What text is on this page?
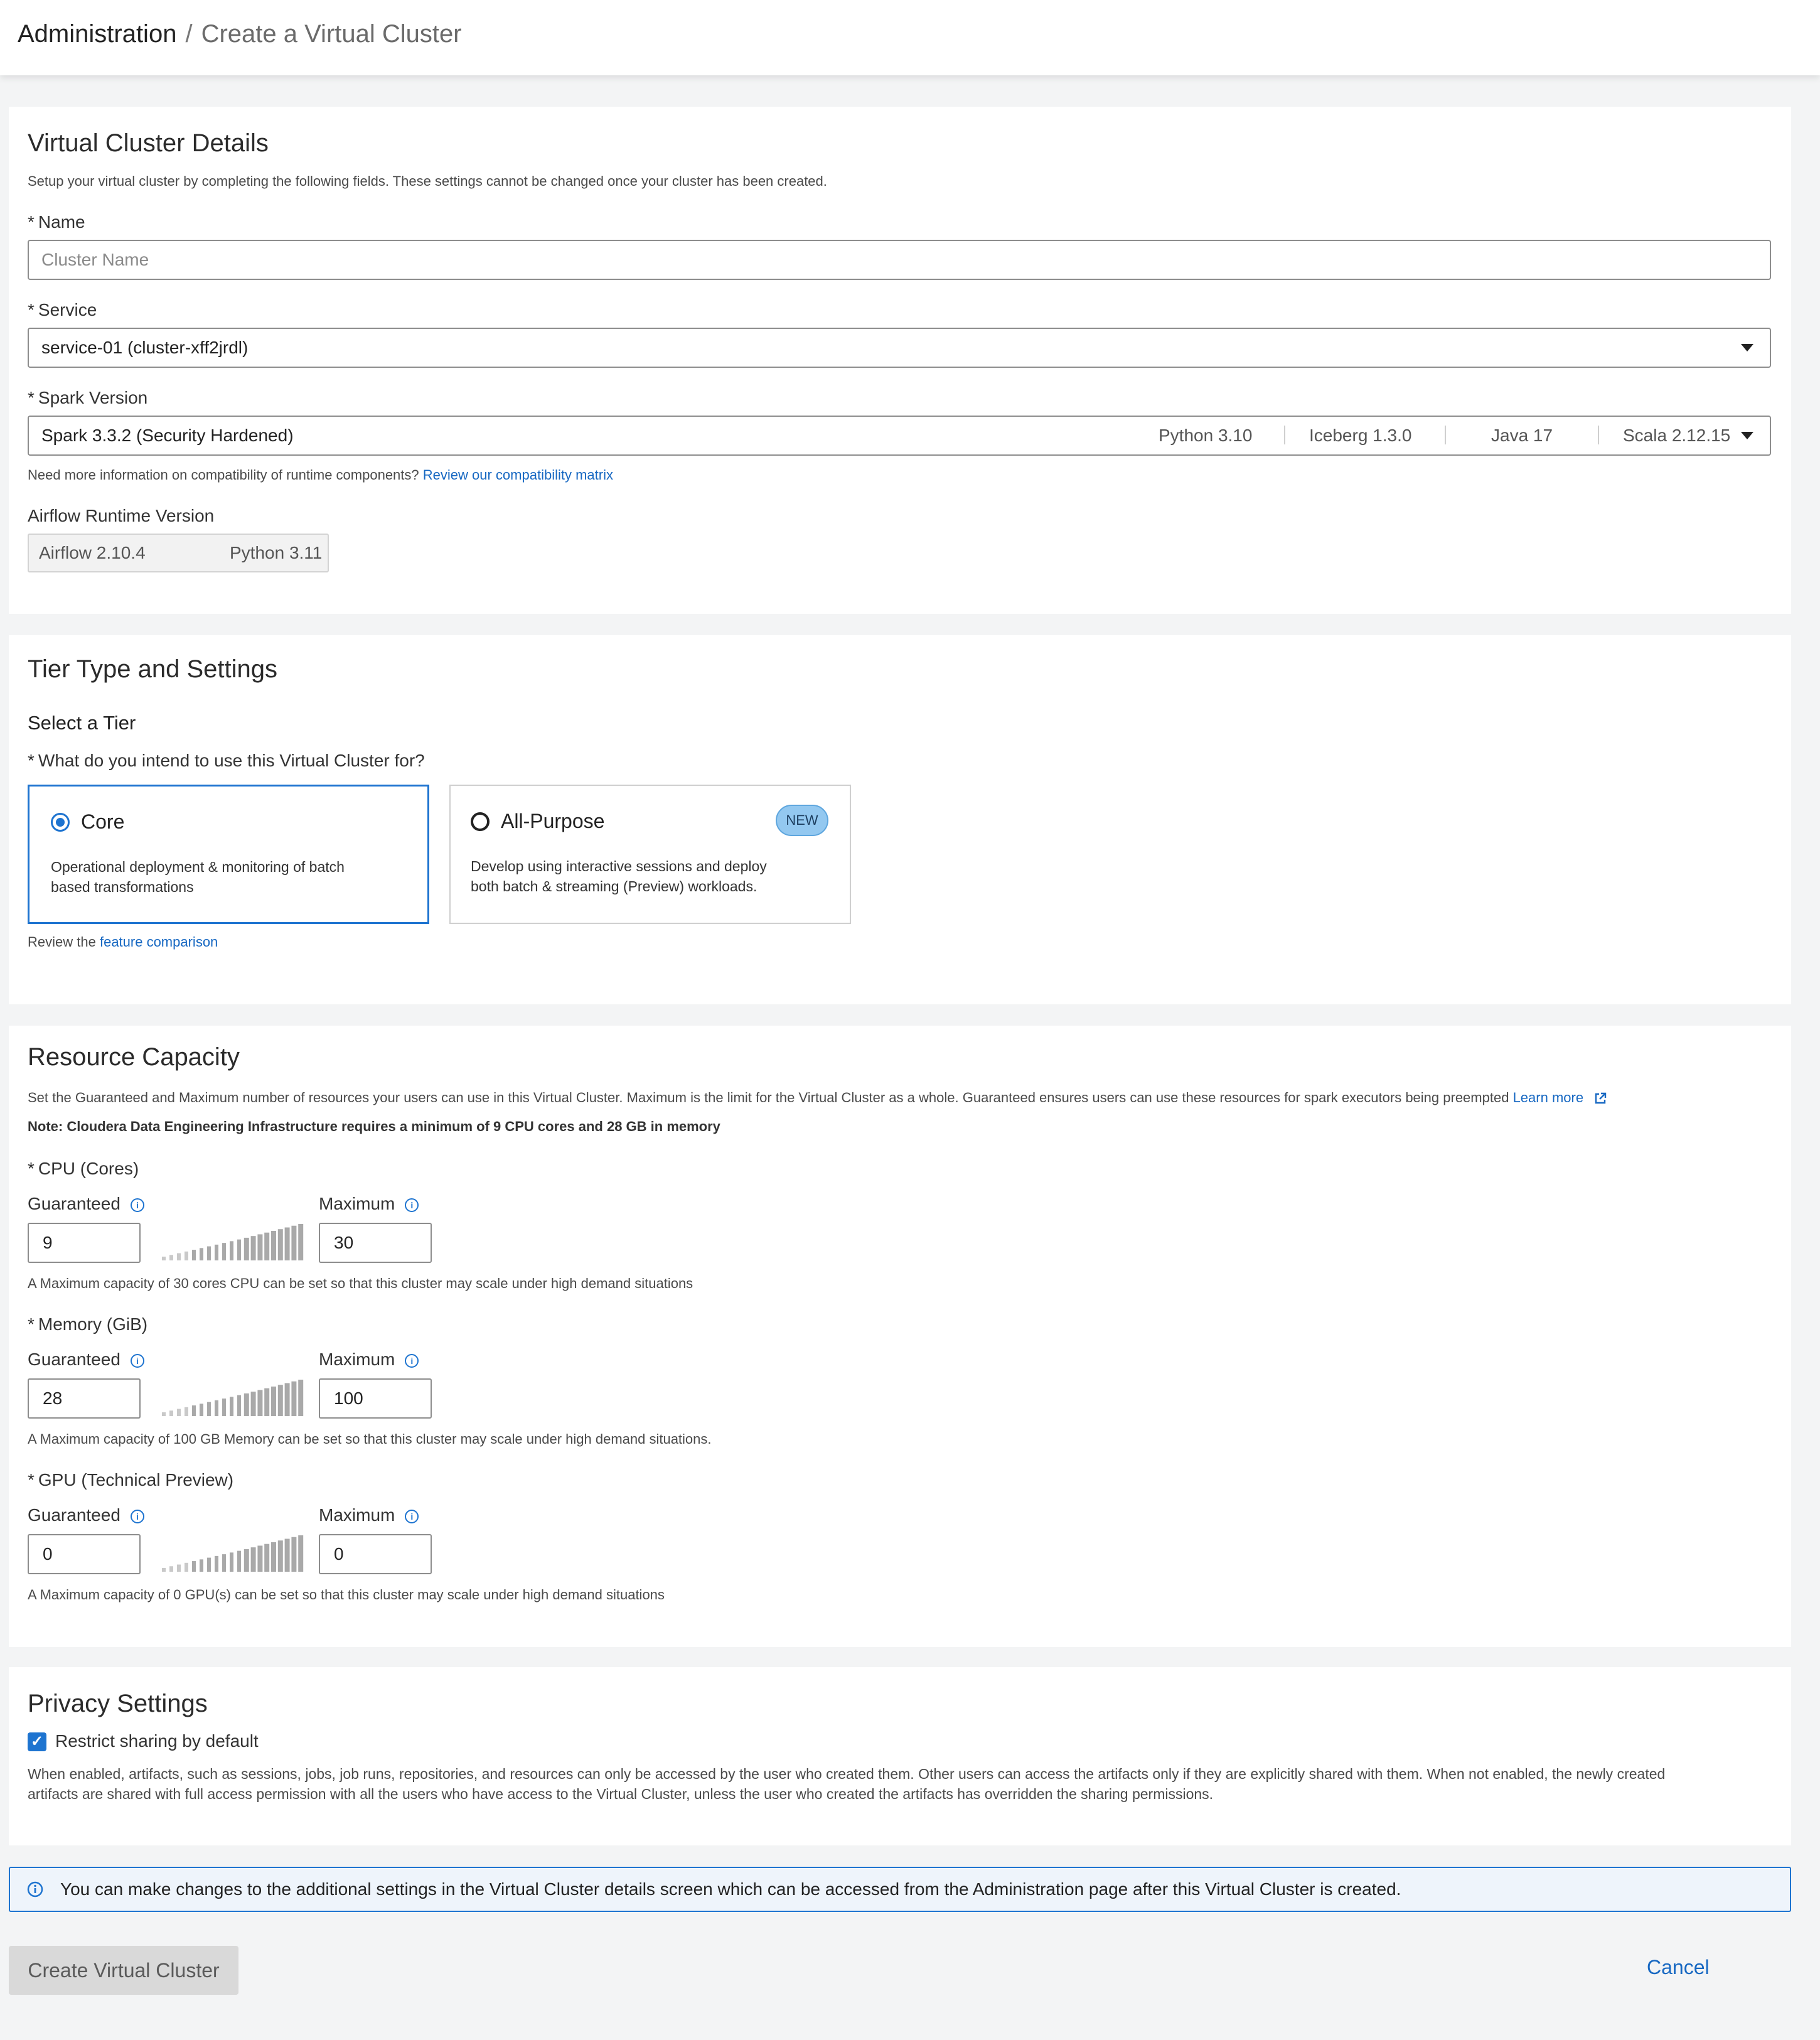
Administration / Create a Virtual Cluster
Virtual Cluster Details
Setup your virtual cluster by completing the following fields. These settings cannot be changed once your cluster has been created.
* Name
Cluster Name
* Service
service-01 (cluster-xff2jrdl)
* Spark Version
Spark 3.3.2 (Security Hardened)	Python 3.10	Iceberg 1.3.0	Java 17	Scala 2.12.15
Need more information on compatibility of runtime components? Review our compatibility matrix
Airflow Runtime Version
Airflow 2.10.4	Python 3.11
Tier Type and Settings
Select a Tier
* What do you intend to use this Virtual Cluster for?
Core
Operational deployment & monitoring of batch
based transformations
All-Purpose	NEW
Develop using interactive sessions and deploy
both batch & streaming (Preview) workloads.
Review the feature comparison
Resource Capacity
Set the Guaranteed and Maximum number of resources your users can use in this Virtual Cluster. Maximum is the limit for the Virtual Cluster as a whole. Guaranteed ensures users can use these resources for spark executors being preempted Learn more
Note: Cloudera Data Engineering Infrastructure requires a minimum of 9 CPU cores and 28 GB in memory
* CPU (Cores)
Guaranteed i	Maximum i
9	30
A Maximum capacity of 30 cores CPU can be set so that this cluster may scale under high demand situations
* Memory (GiB)
Guaranteed i	Maximum i
28	100
A Maximum capacity of 100 GB Memory can be set so that this cluster may scale under high demand situations.
* GPU (Technical Preview)
Guaranteed i	Maximum i
0	0
A Maximum capacity of 0 GPU(s) can be set so that this cluster may scale under high demand situations
Privacy Settings
✓ Restrict sharing by default
When enabled, artifacts, such as sessions, jobs, job runs, repositories, and resources can only be accessed by the user who created them. Other users can access the artifacts only if they are explicitly shared with them. When not enabled, the newly created
artifacts are shared with full access permission with all the users who have access to the Virtual Cluster, unless the user who created the artifacts has overridden the sharing permissions.
You can make changes to the additional settings in the Virtual Cluster details screen which can be accessed from the Administration page after this Virtual Cluster is created.
Create Virtual Cluster	Cancel
